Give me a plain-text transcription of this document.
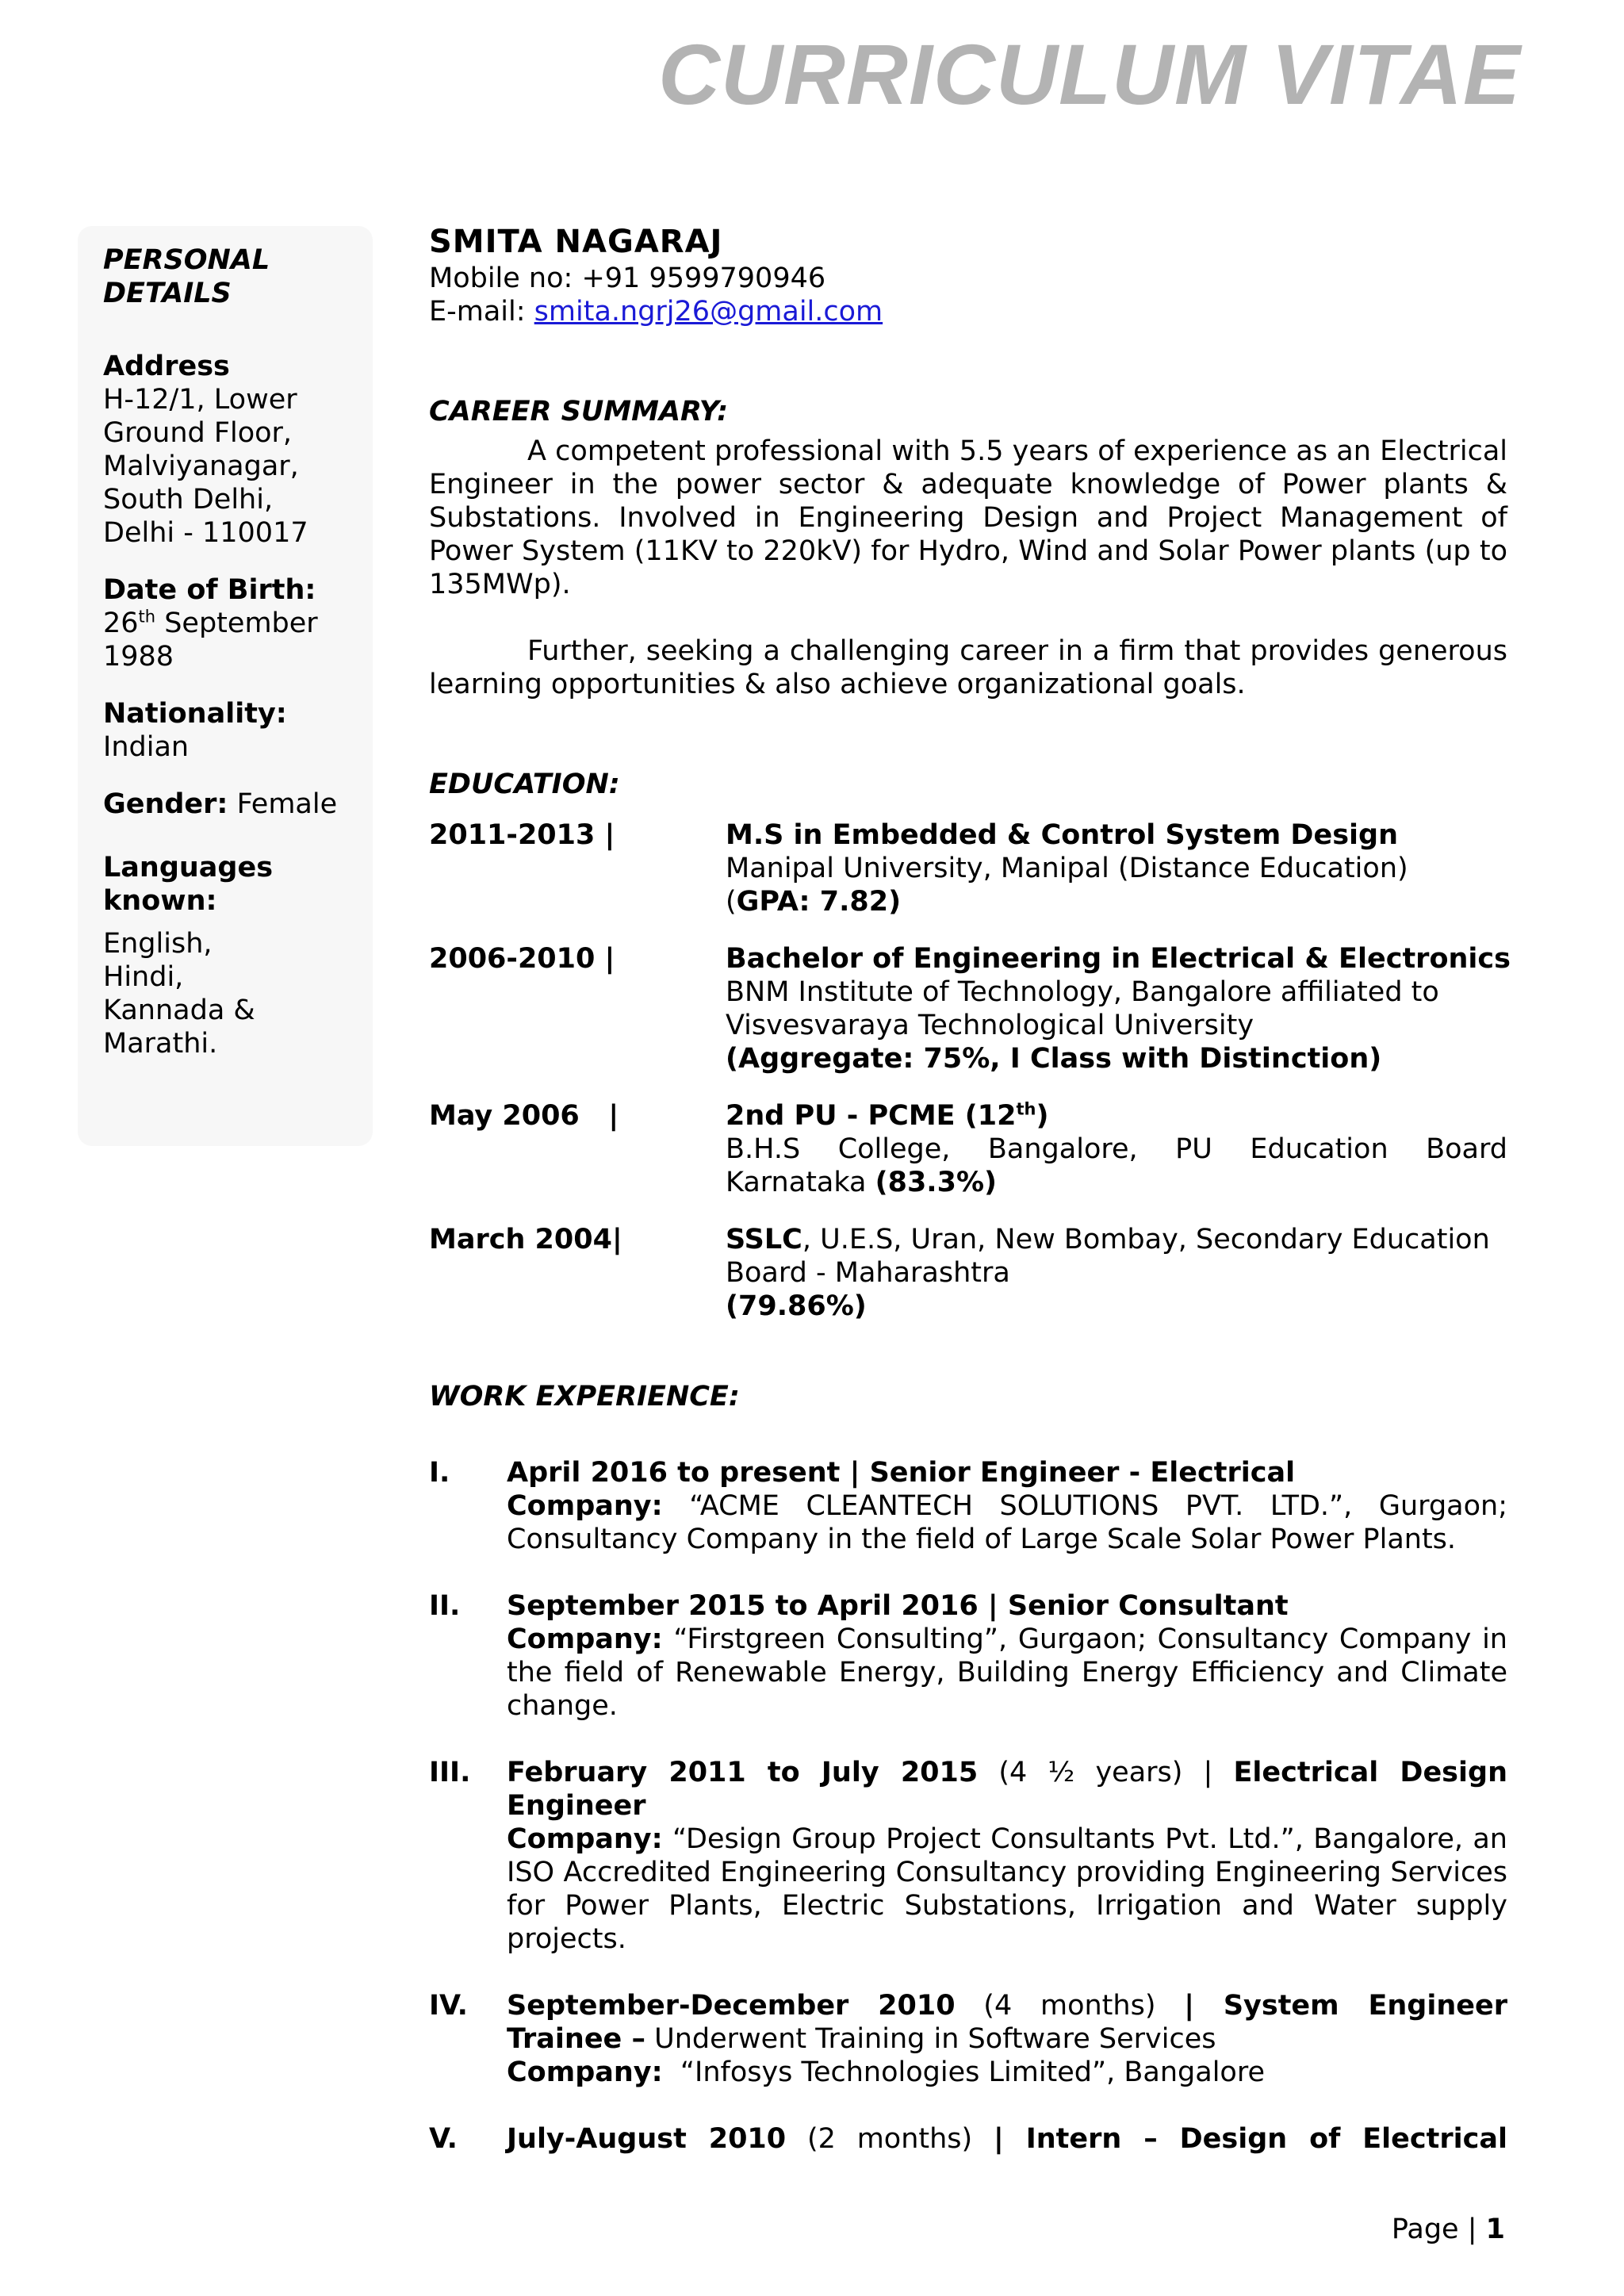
CURRICULUM VITAE
PERSONAL
DETAILS
Address
H-12/1, Lower
Ground Floor,
Malviyanagar,
South Delhi,
Delhi - 110017
Date of Birth:
26th September
1988
Nationality:
Indian
Gender: Female
Languages
known:
English,
Hindi,
Kannada &
Marathi.
SMITA NAGARAJ
Mobile no: +91 9599790946
E-mail: smita.ngrj26@gmail.com
CAREER SUMMARY:
A competent professional with 5.5 years of experience as an Electrical Engineer in the power sector & adequate knowledge of Power plants & Substations. Involved in Engineering Design and Project Management of Power System (11KV to 220kV) for Hydro, Wind and Solar Power plants (up to 135MWp).
Further, seeking a challenging career in a firm that provides generous learning opportunities & also achieve organizational goals.
EDUCATION:
2011-2013 |	M.S in Embedded & Control System Design
Manipal University, Manipal (Distance Education)
(GPA: 7.82)
2006-2010 |	Bachelor of Engineering in Electrical & Electronics
BNM Institute of Technology, Bangalore affiliated to Visvesvaraya Technological University
(Aggregate: 75%, I Class with Distinction)
May 2006   |	2nd PU - PCME (12th)
B.H.S College, Bangalore, PU Education Board Karnataka (83.3%)
March 2004|	SSLC, U.E.S, Uran, New Bombay, Secondary Education Board - Maharashtra
(79.86%)
WORK EXPERIENCE:
I.	April 2016 to present | Senior Engineer - Electrical
Company: “ACME CLEANTECH SOLUTIONS PVT. LTD.”, Gurgaon; Consultancy Company in the field of Large Scale Solar Power Plants.
II.	September 2015 to April 2016 | Senior Consultant
Company: “Firstgreen Consulting”, Gurgaon; Consultancy Company in the field of Renewable Energy, Building Energy Efficiency and Climate change.
III.	February 2011 to July 2015 (4 ½ years) | Electrical Design Engineer
Company: “Design Group Project Consultants Pvt. Ltd.”, Bangalore, an ISO Accredited Engineering Consultancy providing Engineering Services for Power Plants, Electric Substations, Irrigation and Water supply projects.
IV.	September-December 2010 (4 months) | System Engineer Trainee – Underwent Training in Software Services
Company:  “Infosys Technologies Limited”, Bangalore
V.	July-August 2010 (2 months) | Intern – Design of Electrical
Page | 1
